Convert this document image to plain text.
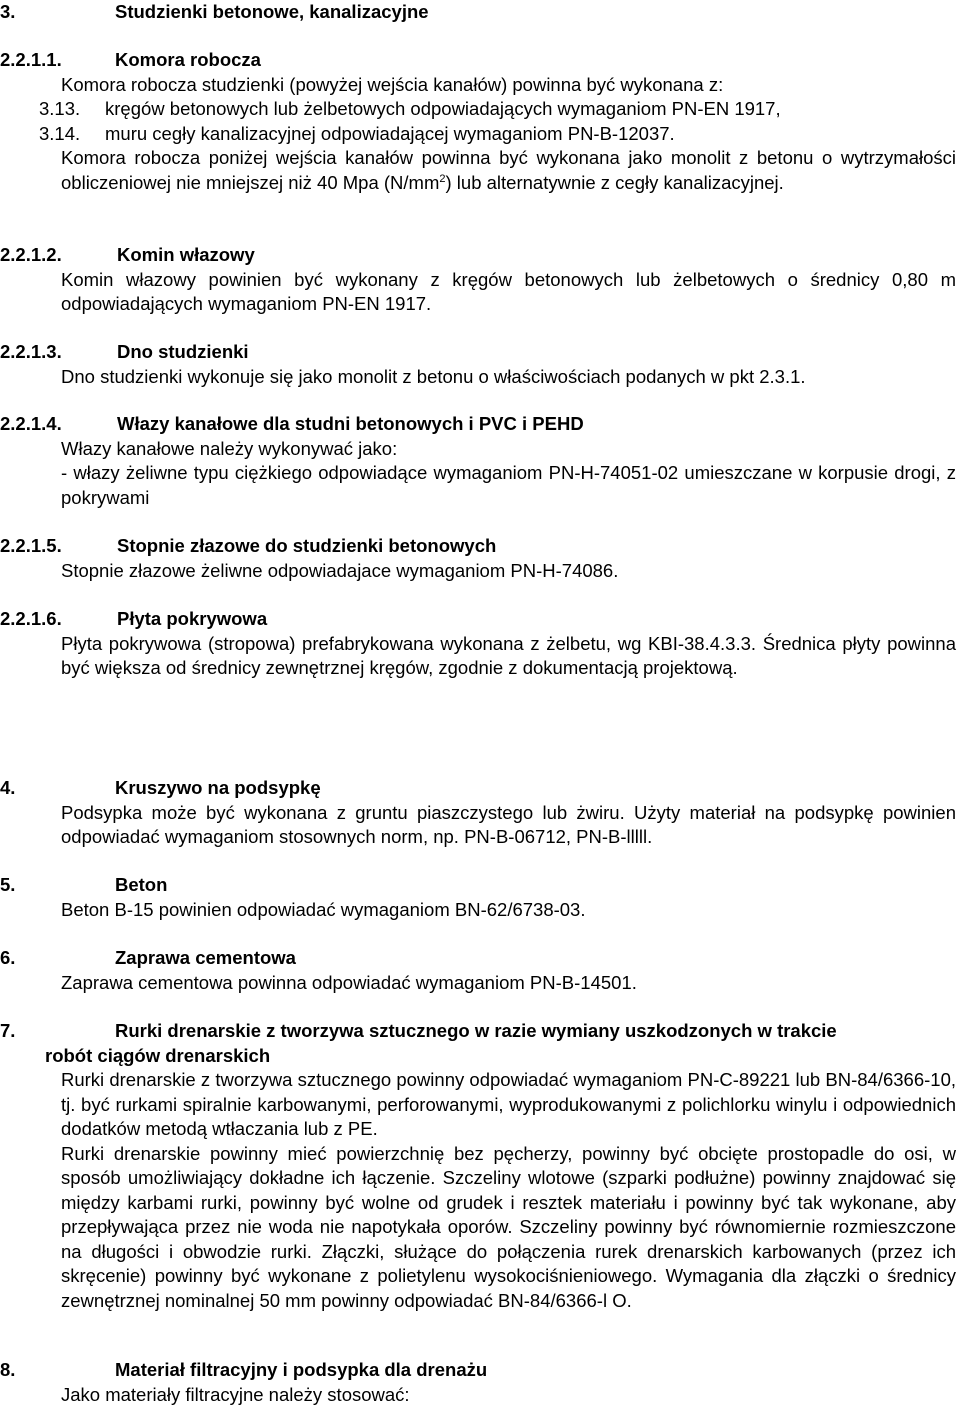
3.	Studzienki betonowe, kanalizacyjne
2.2.1.1.	Komora robocza
Komora robocza studzienki (powyżej wejścia kanałów) powinna być wykonana z:
3.13. kręgów betonowych lub żelbetowych odpowiadających wymaganiom PN-EN 1917,
3.14. muru cegły kanalizacyjnej odpowiadającej wymaganiom PN-B-12037.
Komora robocza poniżej wejścia kanałów powinna być wykonana jako monolit z betonu o wytrzymałości obliczeniowej nie mniejszej niż 40 Mpa $(N/mm^2)$ lub alternatywnie z cegły kanalizacyjnej.
2.2.1.2.	Komin włazowy
Komin włazowy powinien być wykonany z kręgów betonowych lub żelbetowych o średnicy 0,80 m odpowiadających wymaganiom PN-EN 1917.
2.2.1.3.	Dno studzienki
Dno studzienki wykonuje się jako monolit z betonu o właściwościach podanych w pkt 2.3.1.
2.2.1.4.	Włazy kanałowe dla studni betonowych i PVC i PEHD
Włazy kanałowe należy wykonywać jako:
- włazy żeliwne typu ciężkiego odpowiadące wymaganiom PN-H-74051-02 umieszczane w korpusie drogi, z pokrywami
2.2.1.5.	Stopnie złazowe do studzienki betonowych
Stopnie złazowe żeliwne odpowiadajace wymaganiom PN-H-74086.
2.2.1.6.	Płyta pokrywowa
Płyta pokrywowa (stropowa) prefabrykowana wykonana z żelbetu, wg KBI-38.4.3.3. Średnica płyty powinna być większa od średnicy zewnętrznej kręgów, zgodnie z dokumentacją projektową.
4.	Kruszywo na podsypkę
Podsypka może być wykonana z gruntu piaszczystego lub żwiru. Użyty materiał na podsypkę powinien odpowiadać wymaganiom stosownych norm, np. PN-B-06712, PN-B-lllll.
5.	Beton
Beton B-15 powinien odpowiadać wymaganiom BN-62/6738-03.
6.	Zaprawa cementowa
Zaprawa cementowa powinna odpowiadać wymaganiom PN-B-14501.
7.	Rurki drenarskie z tworzywa sztucznego w razie wymiany uszkodzonych w trakcie
robót ciągów drenarskich
Rurki drenarskie z tworzywa sztucznego powinny odpowiadać wymaganiom PN-C-89221 lub BN-84/6366-10, tj. być rurkami spiralnie karbowanymi, perforowanymi, wyprodukowanymi z polichlorku winylu i odpowiednich dodatków metodą wtłaczania lub z PE.
Rurki drenarskie powinny mieć powierzchnię bez pęcherzy, powinny być obcięte prostopadle do osi, w sposób umożliwiający dokładne ich łączenie. Szczeliny wlotowe (szparki podłużne) powinny znajdować się między karbami rurki, powinny być wolne od grudek i resztek materiału i powinny być tak wykonane, aby przepływająca przez nie woda nie napotykała oporów. Szczeliny powinny być równomiernie rozmieszczone na długości i obwodzie rurki. Złączki, służące do połączenia rurek drenarskich karbowanych (przez ich skręcenie) powinny być wykonane z polietylenu wysokociśnieniowego. Wymagania dla złączki o średnicy zewnętrznej nominalnej 50 mm powinny odpowiadać BN-84/6366-l O.
8.	Materiał filtracyjny i podsypka dla drenażu
Jako materiały filtracyjne należy stosować:
